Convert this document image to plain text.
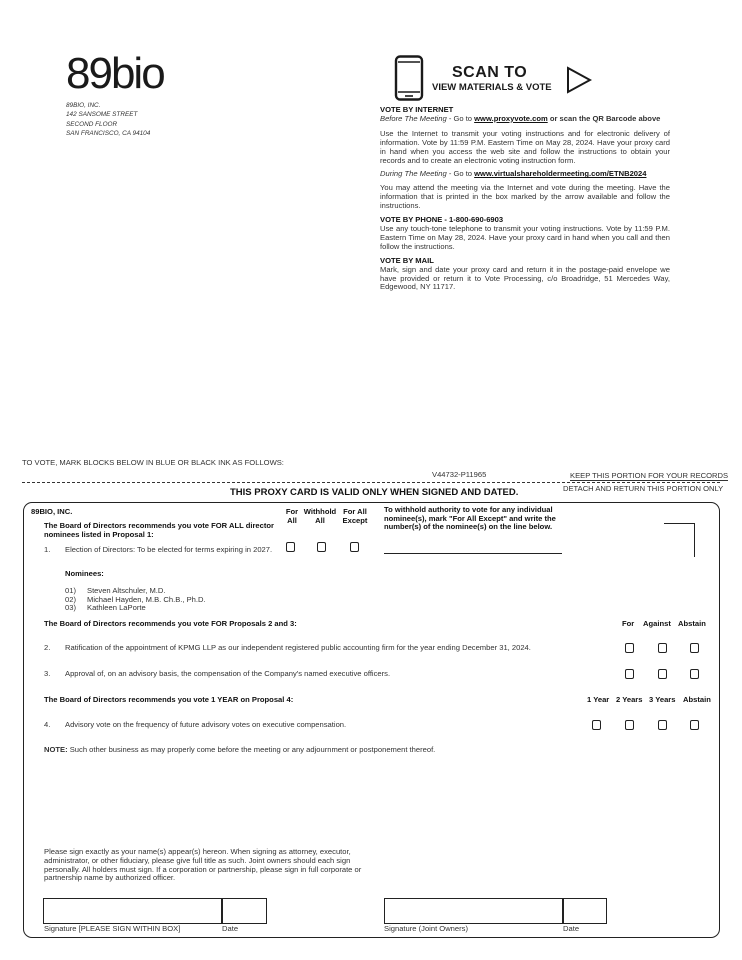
89bio
89BIO, INC.
142 SANSOME STREET
SECOND FLOOR
SAN FRANCISCO, CA 94104
SCAN TO
VIEW MATERIALS & VOTE
VOTE BY INTERNET

Before The Meeting - Go to www.proxyvote.com or scan the QR Barcode above

Use the Internet to transmit your voting instructions and for electronic delivery of information. Vote by 11:59 P.M. Eastern Time on May 28, 2024. Have your proxy card in hand when you access the web site and follow the instructions to obtain your records and to create an electronic voting instruction form.

During The Meeting - Go to www.virtualshareholdermeeting.com/ETNB2024

You may attend the meeting via the Internet and vote during the meeting. Have the information that is printed in the box marked by the arrow available and follow the instructions.

VOTE BY PHONE - 1-800-690-6903

Use any touch-tone telephone to transmit your voting instructions. Vote by 11:59 P.M. Eastern Time on May 28, 2024. Have your proxy card in hand when you call and then follow the instructions.

VOTE BY MAIL

Mark, sign and date your proxy card and return it in the postage-paid envelope we have provided or return it to Vote Processing, c/o Broadridge, 51 Mercedes Way, Edgewood, NY 11717.

TO VOTE, MARK BLOCKS BELOW IN BLUE OR BLACK INK AS FOLLOWS:
V44732-P11965	KEEP THIS PORTION FOR YOUR RECORDS
DETACH AND RETURN THIS PORTION ONLY
THIS PROXY CARD IS VALID ONLY WHEN SIGNED AND DATED.
89BIO, INC.
The Board of Directors recommends you vote FOR ALL director nominees listed in Proposal 1:
For
All
Withhold
All
For All
Except
To withhold authority to vote for any individual nominee(s), mark "For All Except" and write the number(s) of the nominee(s) on the line below.
1. Election of Directors: To be elected for terms expiring in 2027.
Nominees:
01) Steven Altschuler, M.D.
02) Michael Hayden, M.B. Ch.B., Ph.D.
03) Kathleen LaPorte
The Board of Directors recommends you vote FOR Proposals 2 and 3:	For Against Abstain
2. Ratification of the appointment of KPMG LLP as our independent registered public accounting firm for the year ending December 31, 2024.
3. Approval of, on an advisory basis, the compensation of the Company's named executive officers.
The Board of Directors recommends you vote 1 YEAR on Proposal 4:	1 Year 2 Years 3 Years Abstain
4. Advisory vote on the frequency of future advisory votes on executive compensation.
NOTE: Such other business as may properly come before the meeting or any adjournment or postponement thereof.
Please sign exactly as your name(s) appear(s) hereon. When signing as attorney, executor, administrator, or other fiduciary, please give full title as such. Joint owners should each sign personally. All holders must sign. If a corporation or partnership, please sign in full corporate or partnership name by authorized officer.
Signature [PLEASE SIGN WITHIN BOX]	Date	Signature (Joint Owners)	Date
